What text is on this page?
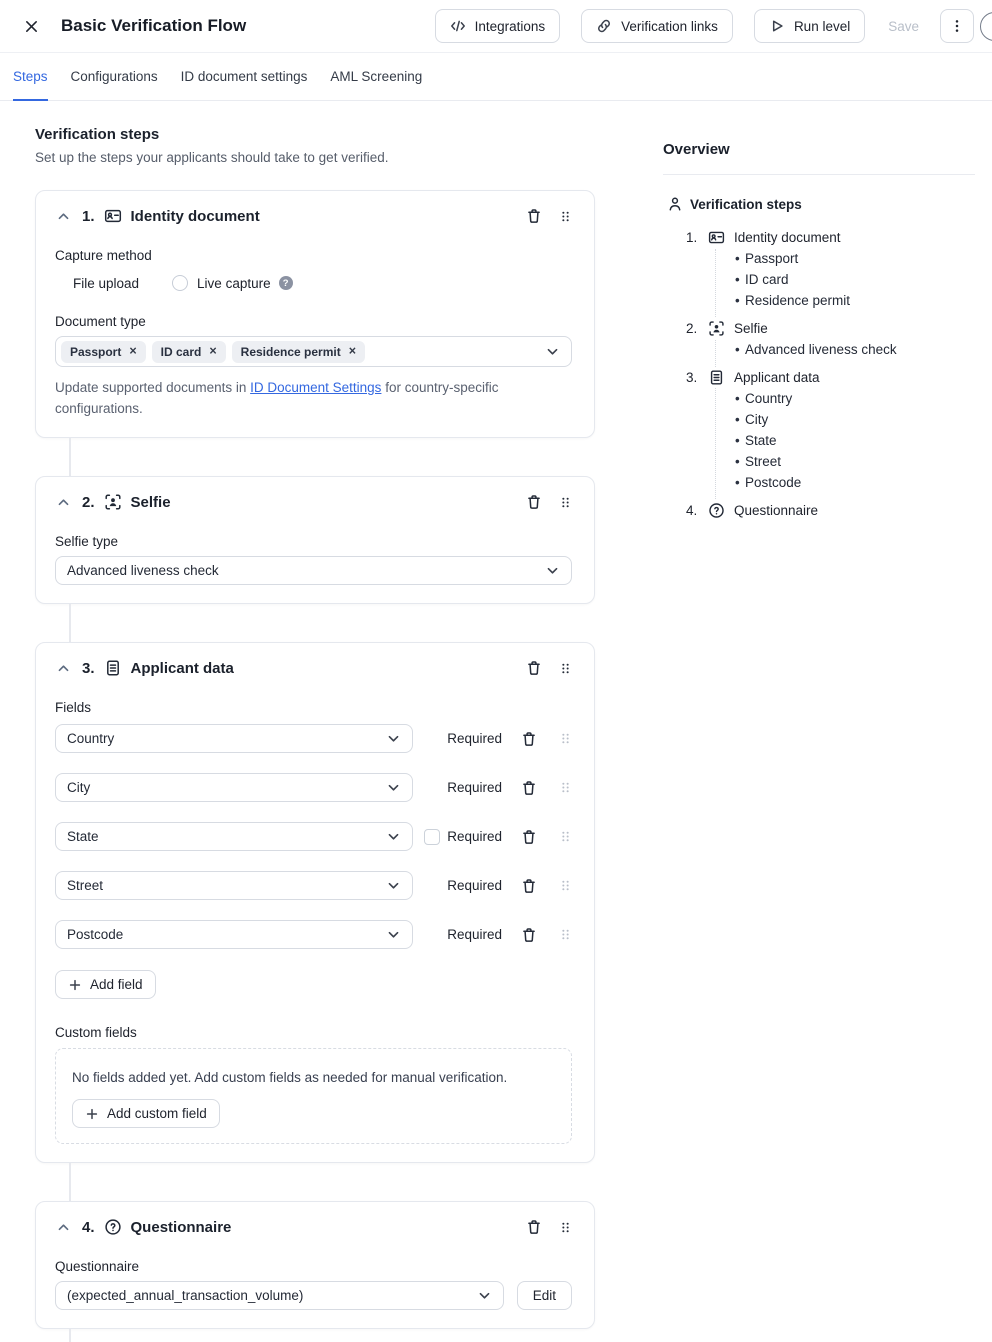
Basic Verification Flow	Integrations	Verification links	Run level	Save
Steps Configurations ID document settings AML Screening
Verification steps
Set up the steps your applicants should take to get verified.
1. Identity document
Capture method
File upload	Live capture	?
Document type
Passport × ID card × Residence permit ×
Update supported documents in ID Document Settings for country-specific configurations.
2. Selfie
Selfie type
Advanced liveness check
3. Applicant data
Fields
Country	Required
City	Required
State	Required
Street	Required
Postcode	Required
Add field
Custom fields
No fields added yet. Add custom fields as needed for manual verification.
Add custom field
4. Questionnaire
Questionnaire
(expected_annual_transaction_volume)	Edit
Overview
Verification steps
1.	Identity document
• Passport
• ID card
• Residence permit
2.	Selfie
• Advanced liveness check
3.	Applicant data
• Country
• City
• State
• Street
• Postcode
4.	Questionnaire
